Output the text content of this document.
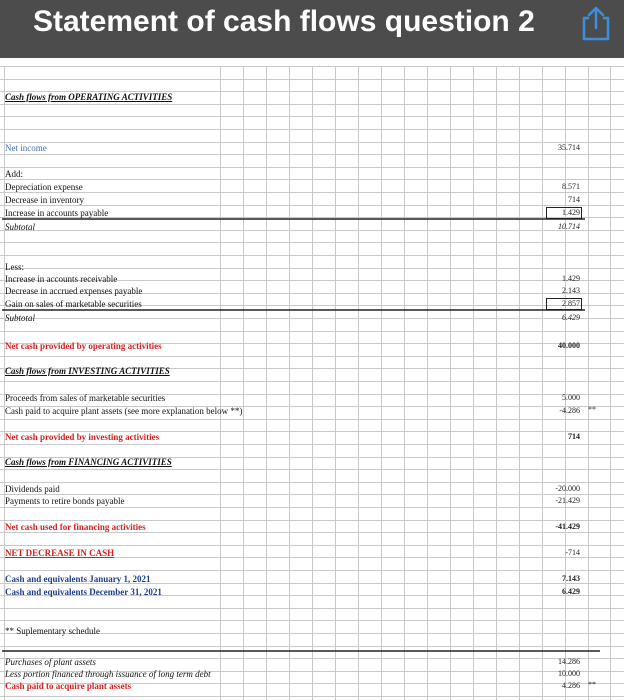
Statement of cash flows question 2
Cash flows from OPERATING ACTIVITIES
Net income	35.714
Add:
Depreciation expense	8.571
Decrease in inventory	714
Increase in accounts payable	1.429
Subtotal	10.714
Less:
Increase in accounts receivable	1.429
Decrease in accrued expenses payable	2.143
Gain on sales of marketable securities	2.857
Subtotal	6.429
Net cash provided by operating activities	40.000
Cash flows from INVESTING ACTIVITIES
Proceeds from sales of marketable securities	5.000
Cash paid to acquire plant assets (see more explanation below **)	-4.286 **
Net cash provided by investing activities	714
Cash flows from FINANCING ACTIVITIES
Dividends paid	-20.000
Payments to retire bonds payable	-21.429
Net cash used for financing activities	-41.429
NET DECREASE IN CASH	-714
Cash and equivalents January 1, 2021	7.143
Cash and equivalents December 31, 2021	6.429
** Suplementary schedule
Purchases of plant assets	14.286
Less portion financed through issuance of long term debt	10.000
Cash paid to acquire plant assets	4.286 **
